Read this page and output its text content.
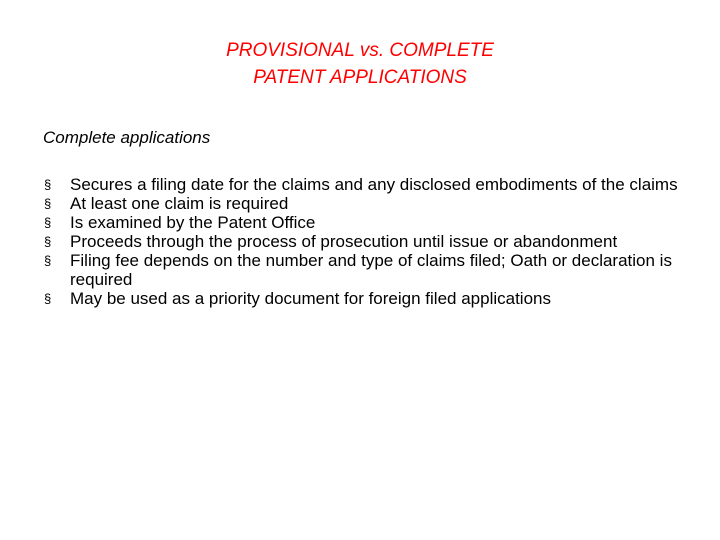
PROVISIONAL vs. COMPLETE
PATENT APPLICATIONS
Complete applications
§ Secures a filing date for the claims and any disclosed embodiments of the claims
§ At least one claim is required
§ Is examined by the Patent Office
§ Proceeds through the process of prosecution until issue or abandonment
§ Filing fee depends on the number and type of claims filed; Oath or declaration is required
§ May be used as a priority document for foreign filed applications
